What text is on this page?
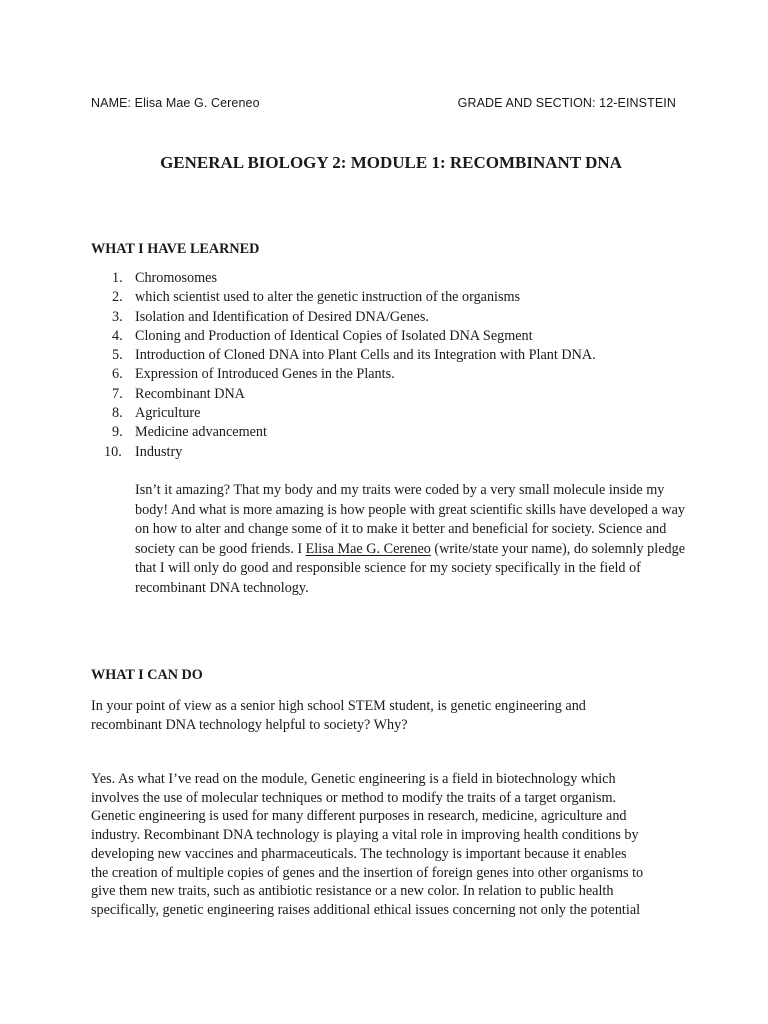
NAME: Elisa Mae G. Cereneo	GRADE AND SECTION: 12-EINSTEIN
GENERAL BIOLOGY 2: MODULE 1: RECOMBINANT DNA
WHAT I HAVE LEARNED
1. Chromosomes
2. which scientist used to alter the genetic instruction of the organisms
3. Isolation and Identification of Desired DNA/Genes.
4. Cloning and Production of Identical Copies of Isolated DNA Segment
5. Introduction of Cloned DNA into Plant Cells and its Integration with Plant DNA.
6. Expression of Introduced Genes in the Plants.
7. Recombinant DNA
8. Agriculture
9. Medicine advancement
10. Industry

Isn’t it amazing? That my body and my traits were coded by a very small molecule inside my body! And what is more amazing is how people with great scientific skills have developed a way on how to alter and change some of it to make it better and beneficial for society. Science and society can be good friends. I Elisa Mae G. Cereneo (write/state your name), do solemnly pledge that I will only do good and responsible science for my society specifically in the field of recombinant DNA technology.

WHAT I CAN DO

In your point of view as a senior high school STEM student, is genetic engineering and
recombinant DNA technology helpful to society? Why?

Yes. As what I’ve read on the module, Genetic engineering is a field in biotechnology which
involves the use of molecular techniques or method to modify the traits of a target organism.
Genetic engineering is used for many different purposes in research, medicine, agriculture and
industry. Recombinant DNA technology is playing a vital role in improving health conditions by
developing new vaccines and pharmaceuticals. The technology is important because it enables
the creation of multiple copies of genes and the insertion of foreign genes into other organisms to
give them new traits, such as antibiotic resistance or a new color. In relation to public health
specifically, genetic engineering raises additional ethical issues concerning not only the potential
